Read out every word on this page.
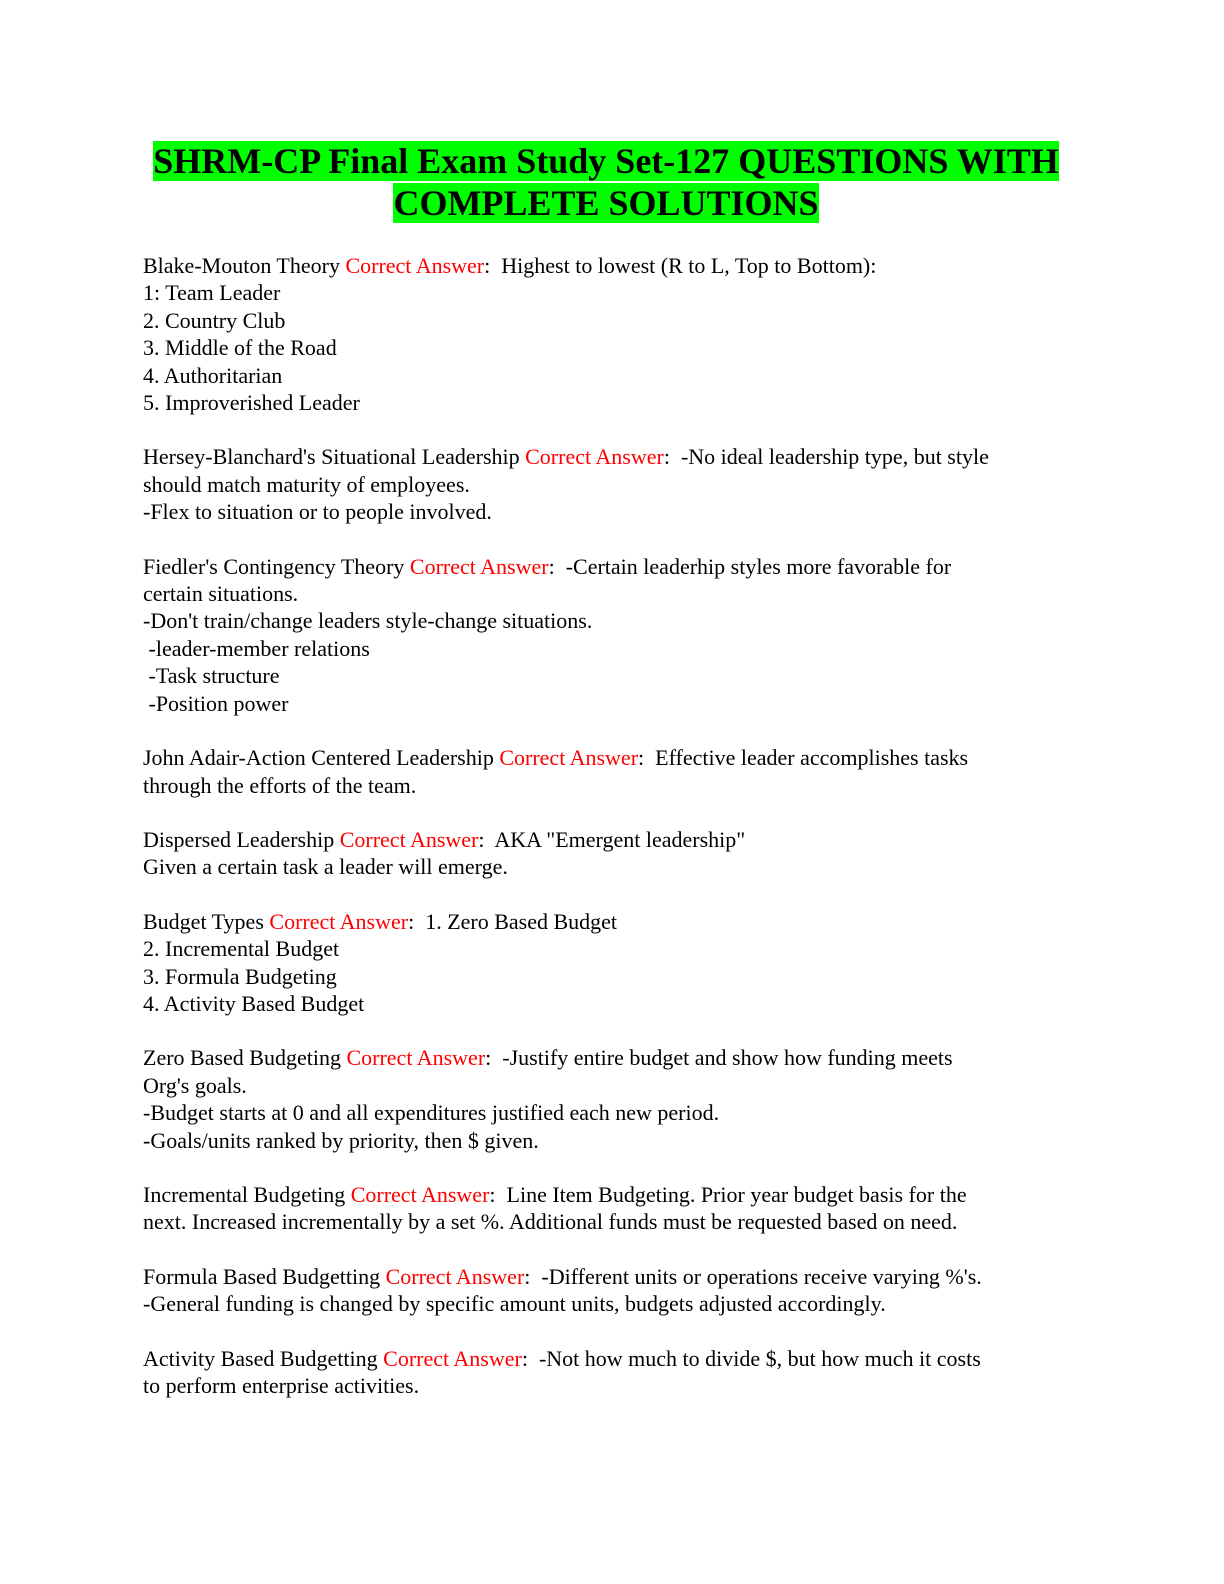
SHRM-CP Final Exam Study Set-127 QUESTIONS WITH
COMPLETE SOLUTIONS
Blake-Mouton Theory Correct Answer:  Highest to lowest (R to L, Top to Bottom):
1: Team Leader
2. Country Club
3. Middle of the Road
4. Authoritarian
5. Improverished Leader
Hersey-Blanchard's Situational Leadership Correct Answer:  -No ideal leadership type, but style
should match maturity of employees.
-Flex to situation or to people involved.
Fiedler's Contingency Theory Correct Answer:  -Certain leaderhip styles more favorable for
certain situations.
-Don't train/change leaders style-change situations.
-leader-member relations
-Task structure
-Position power
John Adair-Action Centered Leadership Correct Answer:  Effective leader accomplishes tasks
through the efforts of the team.
Dispersed Leadership Correct Answer:  AKA "Emergent leadership"
Given a certain task a leader will emerge.
Budget Types Correct Answer:  1. Zero Based Budget
2. Incremental Budget
3. Formula Budgeting
4. Activity Based Budget
Zero Based Budgeting Correct Answer:  -Justify entire budget and show how funding meets
Org's goals.
-Budget starts at 0 and all expenditures justified each new period.
-Goals/units ranked by priority, then $ given.
Incremental Budgeting Correct Answer:  Line Item Budgeting. Prior year budget basis for the
next. Increased incrementally by a set %. Additional funds must be requested based on need.
Formula Based Budgetting Correct Answer:  -Different units or operations receive varying %'s.
-General funding is changed by specific amount units, budgets adjusted accordingly.
Activity Based Budgetting Correct Answer:  -Not how much to divide $, but how much it costs
to perform enterprise activities.
